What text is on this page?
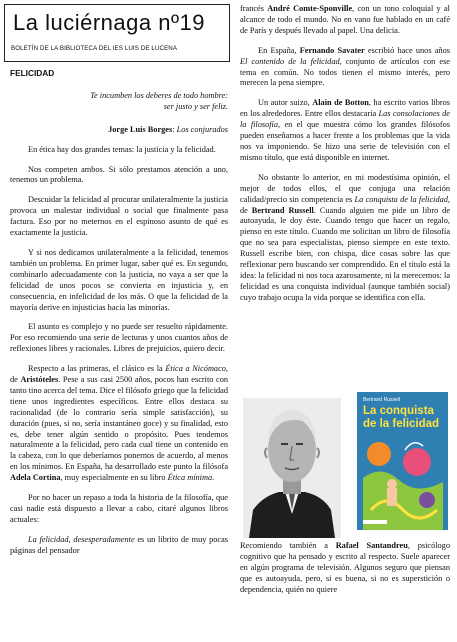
La luciérnaga nº19
BOLETÍN DE LA BIBLIOTECA DEL IES LUIS DE LUCENA
FELICIDAD
Te incumben los deberes de todo hombre:
ser justo y ser feliz.
Jorge Luis Borges: Los conjurados

En ética hay dos grandes temas: la justicia y la felicidad.

Nos competen ambos. Si sólo prestamos atención a uno, tenemos un problema.

Descuidar la felicidad al procurar unilateralmente la justicia provoca un malestar individual o social que finalmente pasa factura. Eso por no meternos en el espinoso asunto de qué es exactamente la justicia.

Y si nos dedicamos unilateralmente a la felicidad, tenemos también un problema. En primer lugar, saber qué es. En segundo, combinarlo adecuadamente con la justicia, no vaya a ser que la felicidad de unos pocos se convierta en injusticia y, en consecuencia, en infelicidad de los más. O que la felicidad de la mayoría derive en injusticias hacia las minorías.

El asunto es complejo y no puede ser resuelto rápidamente. Por eso recomiendo una serie de lecturas y unos cuantos años de reflexiones libres y racionales. Libres de prejuicios, quiero decir.

Respecto a las primeras, el clásico es la Ética a Nicómaco, de Aristóteles. Pese a sus casi 2500 años, pocos han escrito con tanto tino acerca del tema. Dice el filósofo griego que la felicidad tiene unos ingredientes específicos. Entre ellos destaca su racionalidad (de lo contrario sería simple satisfacción), su duración (pues, si no, sería instantáneo goce) y su finalidad, esto es, debe tener algún sentido o propósito. Pues tendemos naturalmente a la felicidad, pero cada cual tiene un contenido en la cabeza, con lo que deberíamos ponernos de acuerdo, al menos en los mínimos. En España, ha desarrollado este punto la filósofa Adela Cortina, muy especialmente en su libro Ética mínima.

Por no hacer un repaso a toda la historia de la filosofía, que casi nadie está dispuesto a llevar a cabo, citaré algunos libros actuales:

La felicidad, desesperadamente es un librito de muy pocas páginas del pensador

francés André Comte-Sponville, con un tono coloquial y al alcance de todo el mundo. No en vano fue hablado en un café de París y después llevado al papel. Una delicia.

En España, Fernando Savater escribió hace unos años El contenido de la felicidad, conjunto de artículos con ese tema en común. No todos tienen el mismo interés, pero merecen la pena siempre.

Un autor suizo, Alain de Botton, ha escrito varios libros en los alrededores. Entre ellos destacaría Las consolaciones de la filosofía, en el que muestra cómo los grandes filósofos pueden enseñarnos a hacer frente a los problemas que la vida nos va imponiendo. Se hizo una serie de televisión con el mismo título, que está disponible en internet.

No obstante lo anterior, en mi modestísima opinión, el mejor de todos ellos, el que conjuga una relación calidad/precio sin competencia es La conquista de la felicidad, de Bertrand Russell. Cuando alguien me pide un libro de autoayuda, le doy éste. Cuando tengo que hacer un regalo, pienso en este título. Cuando me solicitan un libro de filosofía que no sea para especialistas, pienso siempre en este texto. Russell escribe bien, con chispa, dice cosas sobre las que reflexionar pero buscando ser comprendido. En el título está la idea: la felicidad ni nos toca azarosamente, ni la merecemos: la felicidad es una conquista individual (aunque también social) cuyo trabajo ocupa la vida porque se identifica con ella.

Bertrand Russell
La conquista de la felicidad

Recomiendo también a Rafael Santandreu, psicólogo cognitivo que ha pensado y escrito al respecto. Suele aparecer en algún programa de televisión. Algunos seguro que piensan que es autoayuda, pero, si es buena, si no es superstición o dependencia, quién no quiere
